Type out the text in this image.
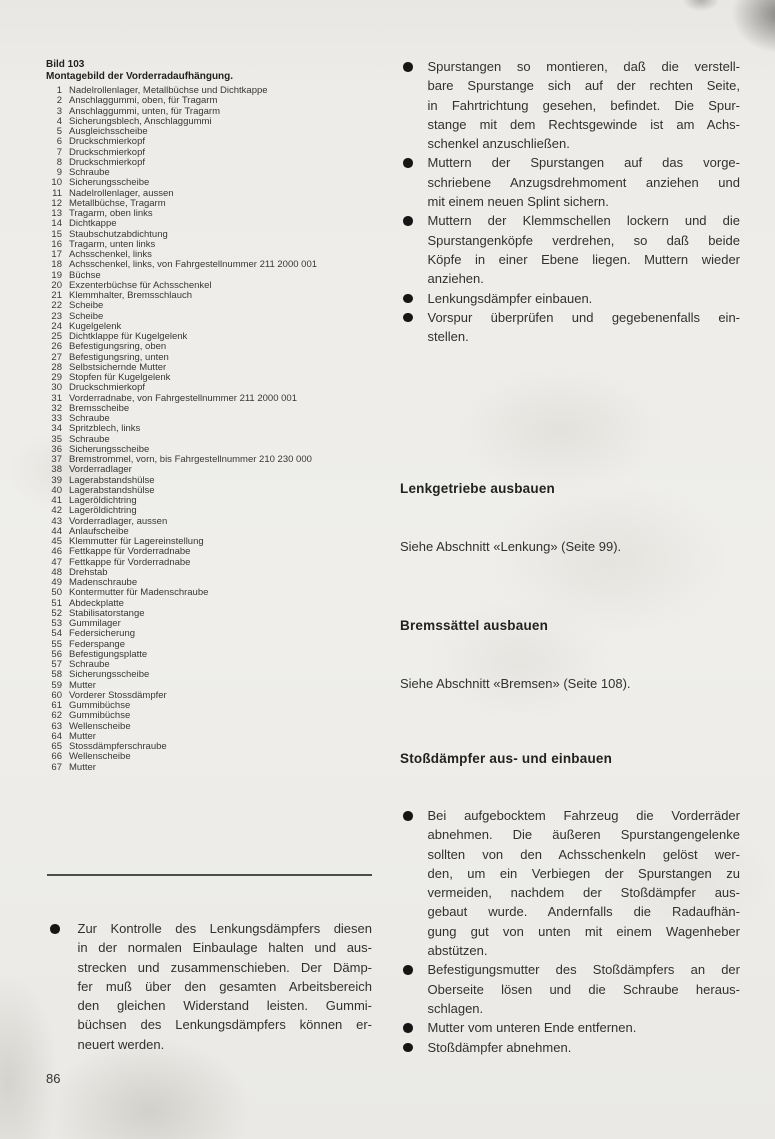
Bild 103
Montagebild der Vorderradaufhängung.
1 Nadelrollenlager, Metallbüchse und Dichtkappe
2 Anschlaggummi, oben, für Tragarm
3 Anschlaggummi, unten, für Tragarm
4 Sicherungsblech, Anschlaggummi
5 Ausgleichsscheibe
6 Druckschmierkopf
7 Druckschmierkopf
8 Druckschmierkopf
9 Schraube
10 Sicherungsscheibe
11 Nadelrollenlager, aussen
12 Metallbüchse, Tragarm
13 Tragarm, oben links
14 Dichtkappe
15 Staubschutzabdichtung
16 Tragarm, unten links
17 Achsschenkel, links
18 Achsschenkel, links, von Fahrgestellnummer 211 2000 001
19 Büchse
20 Exzenterbüchse für Achsschenkel
21 Klemmhalter, Bremsschlauch
22 Scheibe
23 Scheibe
24 Kugelgelenk
25 Dichtklappe für Kugelgelenk
26 Befestigungsring, oben
27 Befestigungsring, unten
28 Selbstsichernde Mutter
29 Stopfen für Kugelgelenk
30 Druckschmierkopf
31 Vorderradnabe, von Fahrgestellnummer 211 2000 001
32 Bremsscheibe
33 Schraube
34 Spritzblech, links
35 Schraube
36 Sicherungsscheibe
37 Bremstrommel, vorn, bis Fahrgestellnummer 210 230 000
38 Vorderradlager
39 Lagerabstandshülse
40 Lagerabstandshülse
41 Lageröldichtring
42 Lageröldichtring
43 Vorderradlager, aussen
44 Anlaufscheibe
45 Klemmutter für Lagereinstellung
46 Fettkappe für Vorderradnabe
47 Fettkappe für Vorderradnabe
48 Drehstab
49 Madenschraube
50 Kontermutter für Madenschraube
51 Abdeckplatte
52 Stabilisatorstange
53 Gummilager
54 Federsicherung
55 Federspange
56 Befestigungsplatte
57 Schraube
58 Sicherungsscheibe
59 Mutter
60 Vorderer Stossdämpfer
61 Gummibüchse
62 Gummibüchse
63 Wellenscheibe
64 Mutter
65 Stossdämpferschraube
66 Wellenscheibe
67 Mutter
Spurstangen so montieren, daß die verstell-
bare Spurstange sich auf der rechten Seite,
in Fahrtrichtung gesehen, befindet. Die Spur-
stange mit dem Rechtsgewinde ist am Achs-
schenkel anzuschließen.
Muttern der Spurstangen auf das vorge-
schriebene Anzugsdrehmoment anziehen und
mit einem neuen Splint sichern.
Muttern der Klemmschellen lockern und die
Spurstangenköpfe verdrehen, so daß beide
Köpfe in einer Ebene liegen. Muttern wieder
anziehen.
Lenkungsdämpfer einbauen.
Vorspur überprüfen und gegebenenfalls ein-
stellen.
Lenkgetriebe ausbauen
Siehe Abschnitt «Lenkung» (Seite 99).
Bremssättel ausbauen
Siehe Abschnitt «Bremsen» (Seite 108).
Stoßdämpfer aus- und einbauen
Bei aufgebocktem Fahrzeug die Vorderräder
abnehmen. Die äußeren Spurstangengelenke
sollten von den Achsschenkeln gelöst wer-
den, um ein Verbiegen der Spurstangen zu
vermeiden, nachdem der Stoßdämpfer aus-
gebaut wurde. Andernfalls die Radaufhän-
gung gut von unten mit einem Wagenheber
abstützen.
Befestigungsmutter des Stoßdämpfers an der
Oberseite lösen und die Schraube heraus-
schlagen.
Mutter vom unteren Ende entfernen.
Stoßdämpfer abnehmen.
Zur Kontrolle des Lenkungsdämpfers diesen
in der normalen Einbaulage halten und aus-
strecken und zusammenschieben. Der Dämp-
fer muß über den gesamten Arbeitsbereich
den gleichen Widerstand leisten. Gummi-
büchsen des Lenkungsdämpfers können er-
neuert werden.
86
